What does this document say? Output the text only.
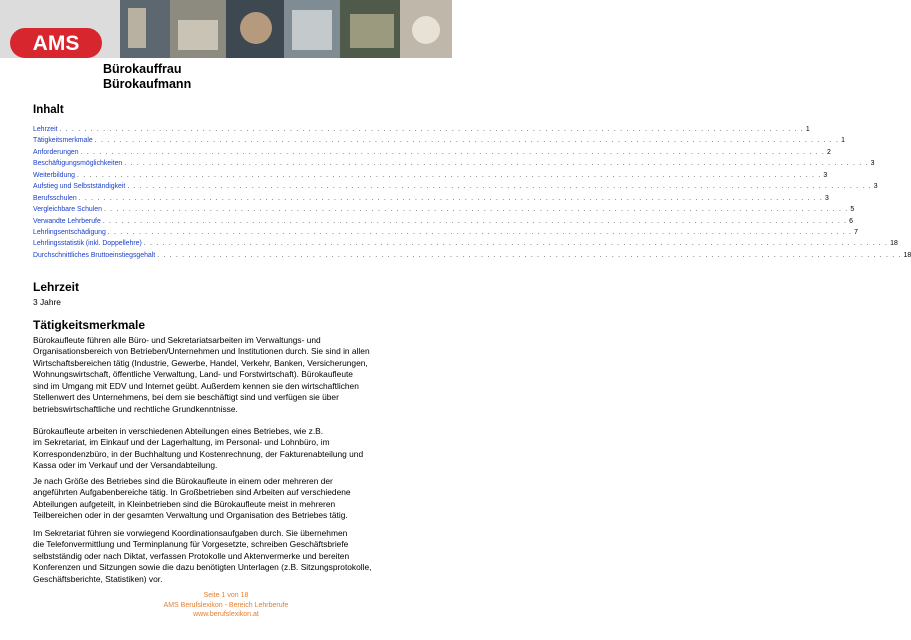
AMS
Bürokauffrau
Bürokaufmann
Inhalt
Lehrzeit . . . . . . . . . . . . . . . . . . . . . . . . . . . . . . . . . . . . . . . . . . . . . . . . . . . . . . . . . . . . . . . . . . . . . . . . . . . . . . . . . . . . . . . . . . . . . . . . . . . . . . . . . . . . . . . . . . . . . . . . 1
Tätigkeitsmerkmale . . . . . . . . . . . . . . . . . . . . . . . . . . . . . . . . . . . . . . . . . . . . . . . . . . . . . . . . . . . . . . . . . . . . . . . . . . . . . . . . . . . . . . . . . . . . . . . . . . . . . . . . . . . . . . . . . . . . . . . . 1
Anforderungen . . . . . . . . . . . . . . . . . . . . . . . . . . . . . . . . . . . . . . . . . . . . . . . . . . . . . . . . . . . . . . . . . . . . . . . . . . . . . . . . . . . . . . . . . . . . . . . . . . . . . . . . . . . . . . . . . . . . . . . . 2
Beschäftigungsmöglichkeiten . . . . . . . . . . . . . . . . . . . . . . . . . . . . . . . . . . . . . . . . . . . . . . . . . . . . . . . . . . . . . . . . . . . . . . . . . . . . . . . . . . . . . . . . . . . . . . . . . . . . . . . . . . . . . . . . . . . . . . . . 3
Weiterbildung . . . . . . . . . . . . . . . . . . . . . . . . . . . . . . . . . . . . . . . . . . . . . . . . . . . . . . . . . . . . . . . . . . . . . . . . . . . . . . . . . . . . . . . . . . . . . . . . . . . . . . . . . . . . . . . . . . . . . . . . 3
Aufstieg und Selbstständigkeit . . . . . . . . . . . . . . . . . . . . . . . . . . . . . . . . . . . . . . . . . . . . . . . . . . . . . . . . . . . . . . . . . . . . . . . . . . . . . . . . . . . . . . . . . . . . . . . . . . . . . . . . . . . . . . . . . . . . . . . . 3
Berufsschulen . . . . . . . . . . . . . . . . . . . . . . . . . . . . . . . . . . . . . . . . . . . . . . . . . . . . . . . . . . . . . . . . . . . . . . . . . . . . . . . . . . . . . . . . . . . . . . . . . . . . . . . . . . . . . . . . . . . . . . . . 3
Vergleichbare Schulen . . . . . . . . . . . . . . . . . . . . . . . . . . . . . . . . . . . . . . . . . . . . . . . . . . . . . . . . . . . . . . . . . . . . . . . . . . . . . . . . . . . . . . . . . . . . . . . . . . . . . . . . . . . . . . . . . . . . . . . . 5
Verwandte Lehrberufe . . . . . . . . . . . . . . . . . . . . . . . . . . . . . . . . . . . . . . . . . . . . . . . . . . . . . . . . . . . . . . . . . . . . . . . . . . . . . . . . . . . . . . . . . . . . . . . . . . . . . . . . . . . . . . . . . . . . . . . . 6
Lehrlingsentschädigung . . . . . . . . . . . . . . . . . . . . . . . . . . . . . . . . . . . . . . . . . . . . . . . . . . . . . . . . . . . . . . . . . . . . . . . . . . . . . . . . . . . . . . . . . . . . . . . . . . . . . . . . . . . . . . . . . . . . . . . . 7
Lehrlingsstatistik (inkl. Doppellehre) . . . . . . . . . . . . . . . . . . . . . . . . . . . . . . . . . . . . . . . . . . . . . . . . . . . . . . . . . . . . . . . . . . . . . . . . . . . . . . . . . . . . . . . . . . . . . . . . . . . . . . . . . . . . . . . . . . . . . . . . 18
Durchschnittliches Bruttoeinstiegsgehalt . . . . . . . . . . . . . . . . . . . . . . . . . . . . . . . . . . . . . . . . . . . . . . . . . . . . . . . . . . . . . . . . . . . . . . . . . . . . . . . . . . . . . . . . . . . . . . . . . . . . . . . . . . . . . . . . . . . . . . . . 18
Lehrzeit

3 Jahre

Tätigkeitsmerkmale
Bürokaufleute führen alle Büro- und Sekretariatsarbeiten im Verwaltungs- und
Organisationsbereich von Betrieben/Unternehmen und Institutionen durch. Sie sind in allen
Wirtschaftsbereichen tätig (Industrie, Gewerbe, Handel, Verkehr, Banken, Versicherungen,
Wohnungswirtschaft, öffentliche Verwaltung, Land- und Forstwirtschaft). Bürokaufleute
sind im Umgang mit EDV und Internet geübt. Außerdem kennen sie den wirtschaftlichen
Stellenwert des Unternehmens, bei dem sie beschäftigt sind und verfügen sie über
betriebswirtschaftliche und rechtliche Grundkenntnisse.
Bürokaufleute arbeiten in verschiedenen Abteilungen eines Betriebes, wie z.B.
im Sekretariat, im Einkauf und der Lagerhaltung, im Personal- und Lohnbüro, im
Korrespondenzbüro, in der Buchhaltung und Kostenrechnung, der Fakturenabteilung und
Kassa oder im Verkauf und der Versandabteilung.
Je nach Größe des Betriebes sind die Bürokaufleute in einem oder mehreren der
angeführten Aufgabenbereiche tätig. In Großbetrieben sind Arbeiten auf verschiedene
Abteilungen aufgeteilt, in Kleinbetrieben sind die Bürokaufleute meist in mehreren
Teilbereichen oder in der gesamten Verwaltung und Organisation des Betriebes tätig.
Im Sekretariat führen sie vorwiegend Koordinationsaufgaben durch. Sie übernehmen
die Telefonvermittlung und Terminplanung für Vorgesetzte, schreiben Geschäftsbriefe
selbstständig oder nach Diktat, verfassen Protokolle und Aktenvermerke und bereiten
Konferenzen und Sitzungen sowie die dazu benötigten Unterlagen (z.B. Sitzungsprotokolle,
Geschäftsberichte, Statistiken) vor.
Seite 1 von 18
AMS Berufslexikon - Bereich Lehrberufe
www.berufslexikon.at
